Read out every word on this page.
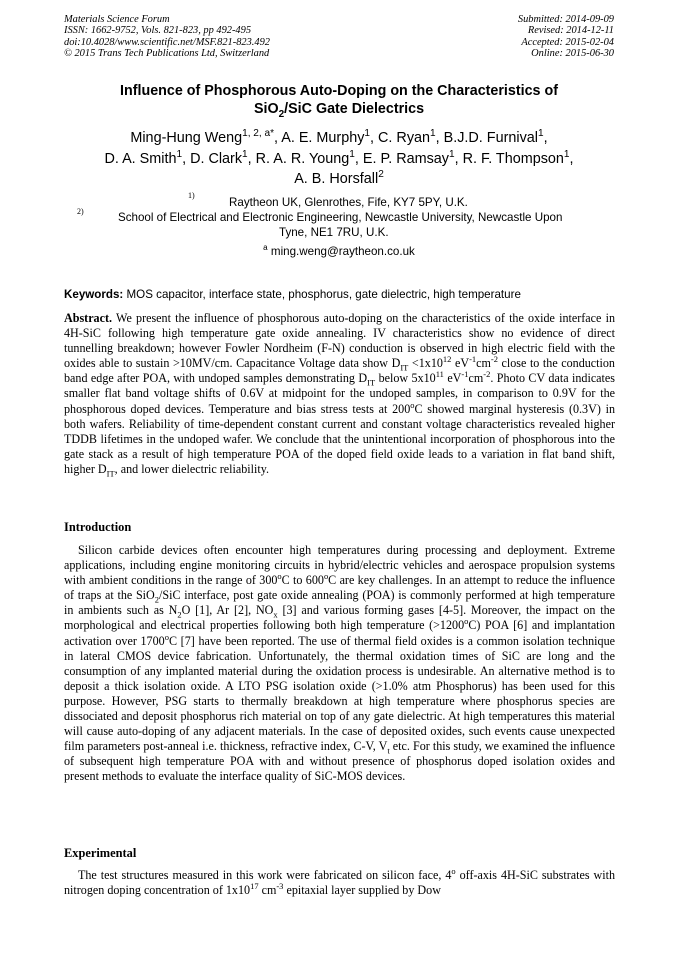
Materials Science Forum
ISSN: 1662-9752, Vols. 821-823, pp 492-495
doi:10.4028/www.scientific.net/MSF.821-823.492
© 2015 Trans Tech Publications Ltd, Switzerland
Submitted: 2014-09-09
Revised: 2014-12-11
Accepted: 2015-02-04
Online: 2015-06-30
Influence of Phosphorous Auto-Doping on the Characteristics of
SiO$_2$/SiC Gate Dielectrics
Ming-Hung Weng$^{1, 2, a*}$, A. E. Murphy$^1$, C. Ryan$^1$, B.J.D. Furnival$^1$,
D. A. Smith$^1$, D. Clark$^1$, R. A. R. Young$^1$, E. P. Ramsay$^1$, R. F. Thompson$^1$,
A. B. Horsfall$^2$
1)
Raytheon UK, Glenrothes, Fife, KY7 5PY, U.K.
2)	School of Electrical and Electronic Engineering, Newcastle University, Newcastle Upon
Tyne, NE1 7RU, U.K.
$^a$ ming.weng@raytheon.co.uk
Keywords: MOS capacitor, interface state, phosphorus, gate dielectric, high temperature
Abstract. We present the influence of phosphorous auto-doping on the characteristics of the oxide interface in 4H-SiC following high temperature gate oxide annealing. IV characteristics show no evidence of direct tunnelling breakdown; however Fowler Nordheim (F-N) conduction is observed in high electric field with the oxides able to sustain >10MV/cm. Capacitance Voltage data show $D_{IT} <1x10^{12}$ $eV^{-1}cm^{-2}$ close to the conduction band edge after POA, with undoped samples demonstrating $D_{IT}$ below $5x10^{11}$ $eV^{-1}cm^{-2}$. Photo CV data indicates smaller flat band voltage shifts of 0.6V at midpoint for the undoped samples, in comparison to 0.9V for the phosphorous doped devices. Temperature and bias stress tests at 200$^o$C showed marginal hysteresis (0.3V) in both wafers. Reliability of time-dependent constant current and constant voltage characteristics revealed higher TDDB lifetimes in the undoped wafer. We conclude that the unintentional incorporation of phosphorous into the gate stack as a result of high temperature POA of the doped field oxide leads to a variation in flat band shift, higher $D_{IT}$, and lower dielectric reliability.
Introduction
Silicon carbide devices often encounter high temperatures during processing and deployment. Extreme applications, including engine monitoring circuits in hybrid/electric vehicles and aerospace propulsion systems with ambient conditions in the range of 300$^o$C to 600$^o$C are key challenges. In an attempt to reduce the influence of traps at the SiO$_2$/SiC interface, post gate oxide annealing (POA) is commonly performed at high temperature in ambients such as $N_2O$ [1], Ar [2], $NO_x$ [3] and various forming gases [4-5]. Moreover, the impact on the morphological and electrical properties following both high temperature $(>1200^oC)$ POA [6] and implantation activation over 1700$^o$C [7] have been reported. The use of thermal field oxides is a common isolation technique in lateral CMOS device fabrication. Unfortunately, the thermal oxidation times of SiC are long and the consumption of any implanted material during the oxidation process is undesirable. An alternative method is to deposit a thick isolation oxide. A LTO PSG isolation oxide (>1.0% atm Phosphorus) has been used for this purpose. However, PSG starts to thermally breakdown at high temperature where phosphorus species are dissociated and deposit phosphorus rich material on top of any gate dielectric. At high temperatures this material will cause auto-doping of any adjacent materials. In the case of deposited oxides, such events cause unexpected film parameters post-anneal i.e. thickness, refractive index, C-V, $V_t$ etc. For this study, we examined the influence of subsequent high temperature POA with and without presence of phosphorus doped isolation oxides and present methods to evaluate the interface quality of SiC-MOS devices.
Experimental
The test structures measured in this work were fabricated on silicon face, 4$^o$ off-axis 4H-SiC substrates with nitrogen doping concentration of $1x10^{17}$ $cm^{-3}$ epitaxial layer supplied by Dow
